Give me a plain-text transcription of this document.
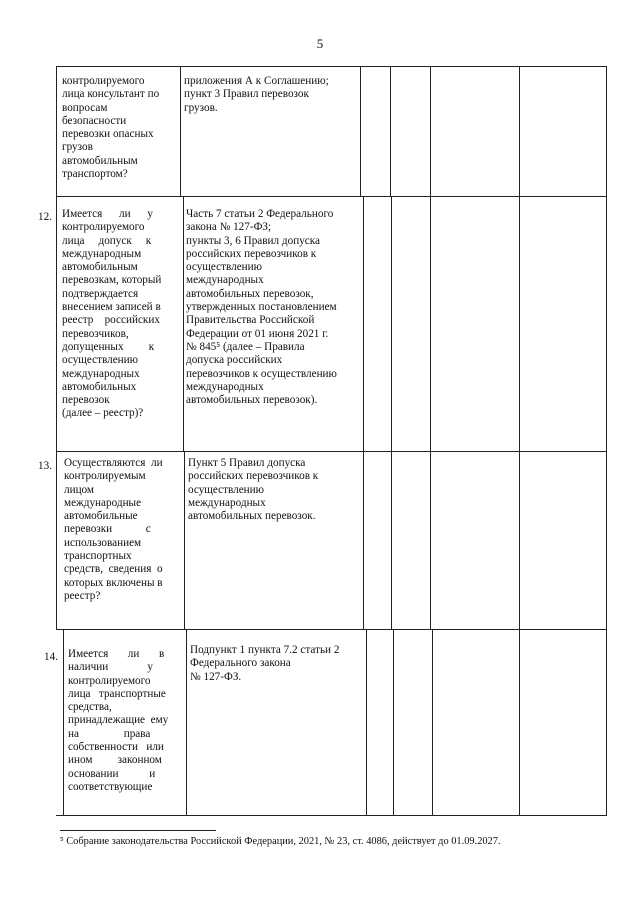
5
контролируемого
лица консультант по
вопросам
безопасности
перевозки опасных
грузов
автомобильным
транспортом?
приложения А к Соглашению;
пункт 3 Правил перевозок
грузов.
12. Имеется      ли      у
контролируемого
лица     допуск     к
международным
автомобильным
перевозкам, который
подтверждается
внесением записей в
реестр    российских
перевозчиков,
допущенных         к
осуществлению
международных
автомобильных
перевозок
(далее – реестр)?
Часть 7 статьи 2 Федерального
закона № 127-ФЗ;
пункты 3, 6 Правил допуска
российских перевозчиков к
осуществлению
международных
автомобильных перевозок,
утвержденных постановлением
Правительства Российской
Федерации от 01 июня 2021 г.
№ 845⁵ (далее – Правила
допуска российских
перевозчиков к осуществлению
международных
автомобильных перевозок).
13. Осуществляются  ли
контролируемым
лицом
международные
автомобильные
перевозки            с
использованием
транспортных
средств,  сведения  о
которых включены в
реестр?
Пункт 5 Правил допуска
российских перевозчиков к
осуществлению
международных
автомобильных перевозок.
14. Имеется       ли       в
наличии              у
контролируемого
лица   транспортные
средства,
принадлежащие  ему
на                права
собственности   или
ином         законном
основании           и
соответствующие
Подпункт 1 пункта 7.2 статьи 2
Федерального закона
№ 127-ФЗ.
⁵ Собрание законодательства Российской Федерации, 2021, № 23, ст. 4086, действует до 01.09.2027.
